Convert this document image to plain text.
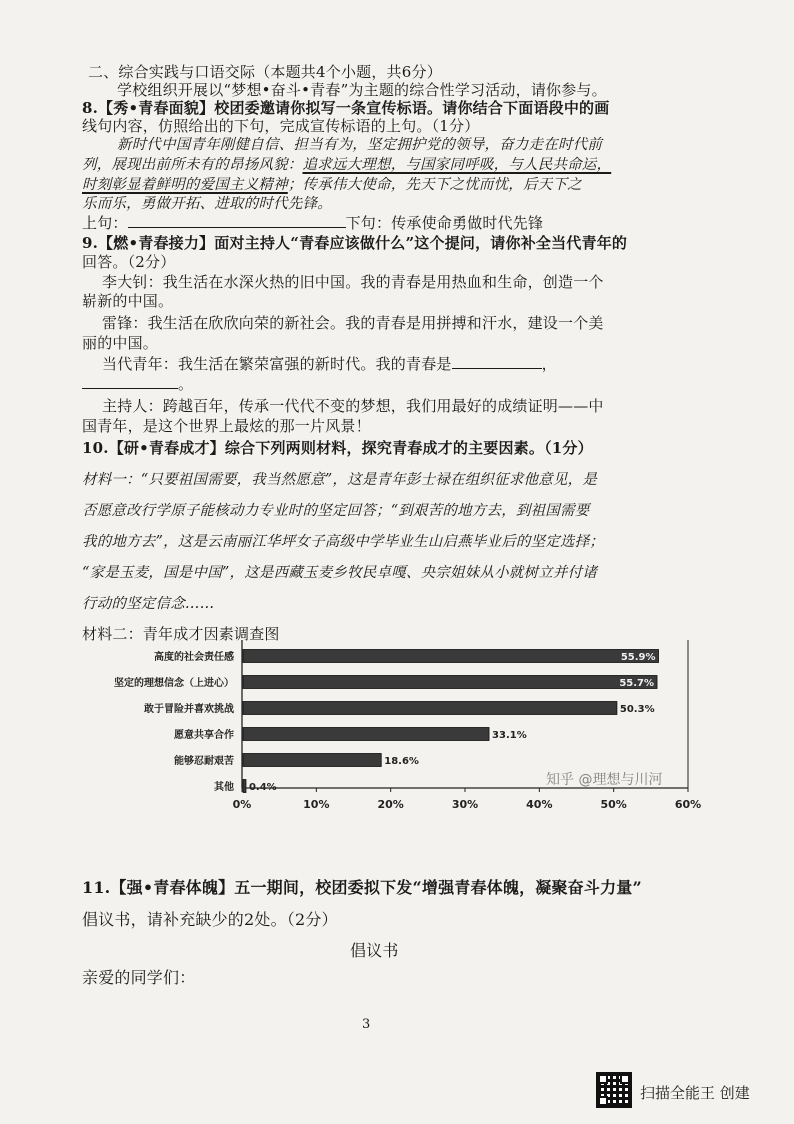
二、综合实践与口语交际（本题共4个小题，共6分）
学校组织开展以“梦想•奋斗•青春”为主题的综合性学习活动，请你参与。
8.【秀•青春面貌】校团委邀请你拟写一条宣传标语。请你结合下面语段中的画
线句内容，仿照给出的下句，完成宣传标语的上句。（1分）
新时代中国青年刚健自信、担当有为，坚定拥护党的领导，奋力走在时代前
列，展现出前所未有的昂扬风貌：追求远大理想，与国家同呼吸，与人民共命运，
时刻彰显着鲜明的爱国主义精神；传承伟大使命，先天下之忧而忧，后天下之
乐而乐，勇做开拓、进取的时代先锋。
上句：	下句：传承使命勇做时代先锋
9.【燃•青春接力】面对主持人“青春应该做什么”这个提问，请你补全当代青年的
回答。（2分）
李大钊：我生活在水深火热的旧中国。我的青春是用热血和生命，创造一个
崭新的中国。
雷锋：我生活在欣欣向荣的新社会。我的青春是用拼搏和汗水，建设一个美
丽的中国。
当代青年：我生活在繁荣富强的新时代。我的青春是	，
。
主持人：跨越百年，传承一代代不变的梦想，我们用最好的成绩证明——中
国青年，是这个世界上最炫的那一片风景！
10.【研•青春成才】综合下列两则材料，探究青春成才的主要因素。（1分）
材料一：“只要祖国需要，我当然愿意”，这是青年彭士禄在组织征求他意见，是
否愿意改行学原子能核动力专业时的坚定回答；“到艰苦的地方去，到祖国需要
我的地方去”，这是云南丽江华坪女子高级中学毕业生山启燕毕业后的坚定选择；
“家是玉麦，国是中国”，这是西藏玉麦乡牧民卓嘎、央宗姐妹从小就树立并付诸
行动的坚定信念……
材料二：青年成才因素调查图
0%	10%	20%	30%	40%	50%	60%
高度的社会责任感	55.9%
坚定的理想信念（上进心）	55.7%
敢于冒险并喜欢挑战	50.3%
愿意共享合作	33.1%
能够忍耐艰苦	18.6%
其他 0.4%	知乎 @理想与川河
11.【强•青春体魄】五一期间，校团委拟下发“增强青春体魄，凝聚奋斗力量”
倡议书，请补充缺少的2处。（2分）
倡议书
亲爱的同学们：
3
扫描全能王 创建
